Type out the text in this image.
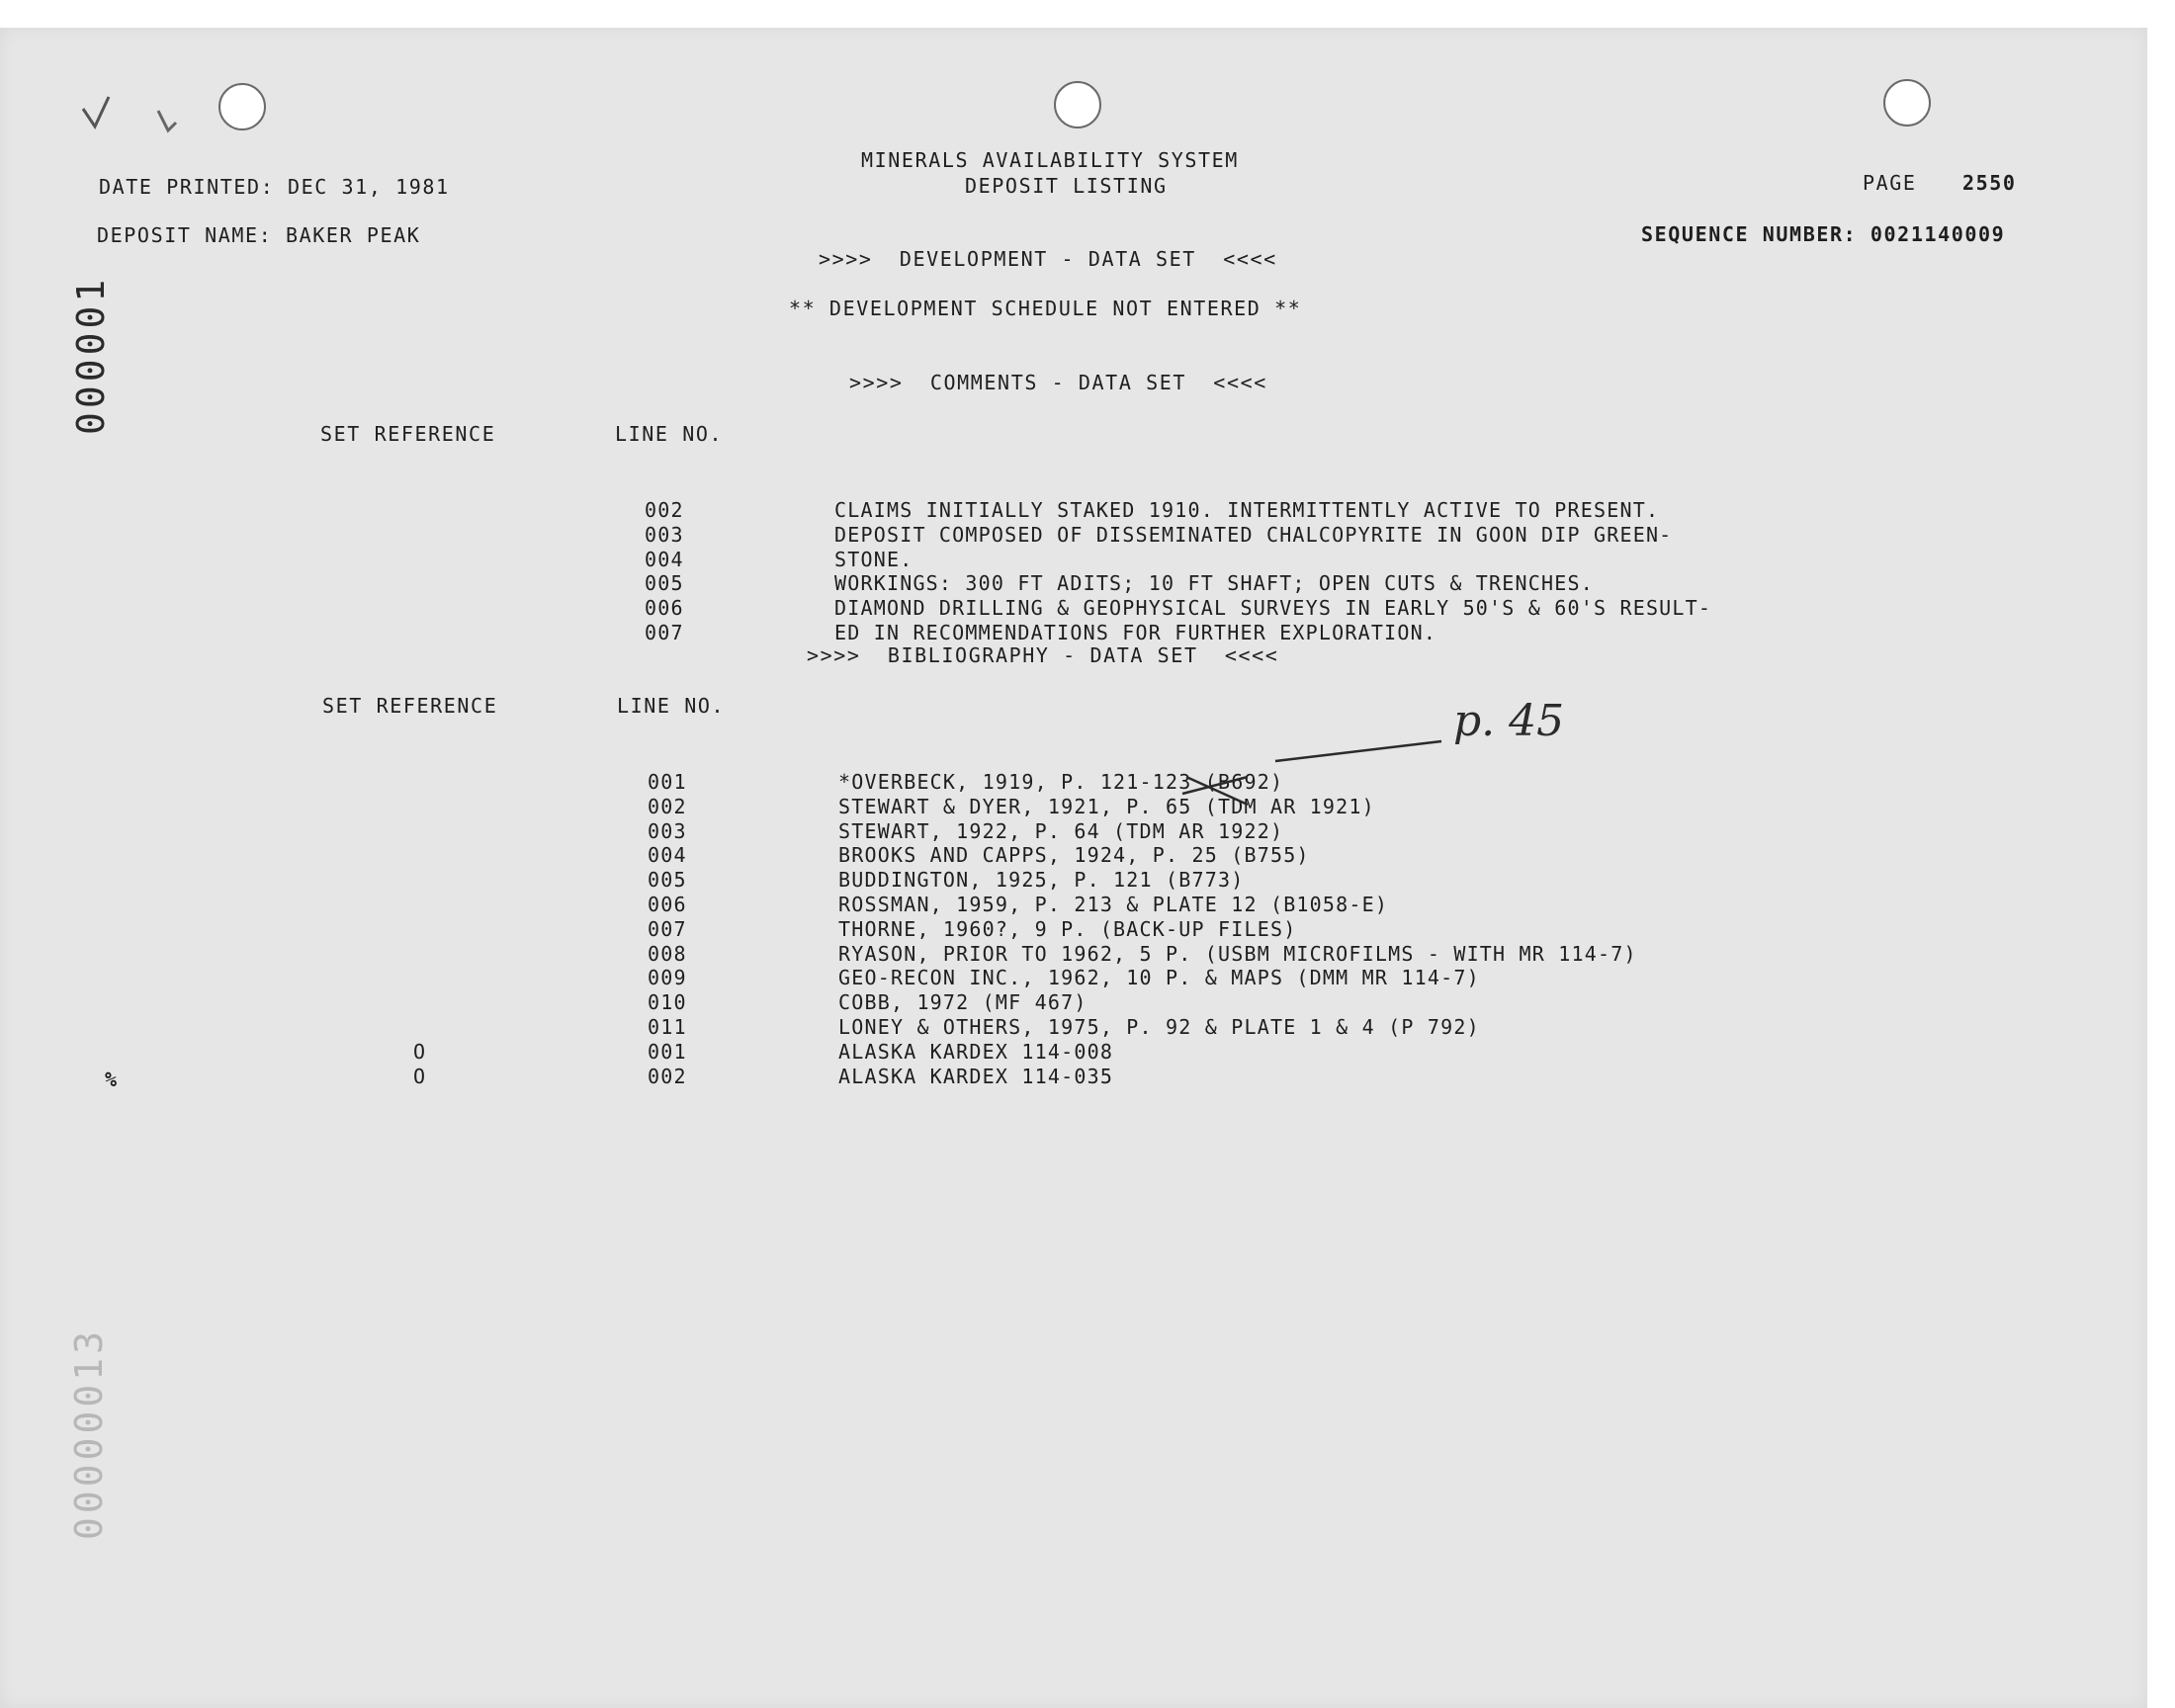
MINERALS AVAILABILITY SYSTEM
DEPOSIT LISTING
DATE PRINTED: DEC 31, 1981	PAGE 2550
DEPOSIT NAME: BAKER PEAK	SEQUENCE NUMBER: 0021140009
000001
00000013
>>>>  DEVELOPMENT - DATA SET  <<<<
** DEVELOPMENT SCHEDULE NOT ENTERED **
>>>>  COMMENTS - DATA SET  <<<<
SET REFERENCE	LINE NO.
002	CLAIMS INITIALLY STAKED 1910. INTERMITTENTLY ACTIVE TO PRESENT.
003	DEPOSIT COMPOSED OF DISSEMINATED CHALCOPYRITE IN GOON DIP GREEN-
004	STONE.
005	WORKINGS: 300 FT ADITS; 10 FT SHAFT; OPEN CUTS & TRENCHES.
006	DIAMOND DRILLING & GEOPHYSICAL SURVEYS IN EARLY 50'S & 60'S RESULT-
007	ED IN RECOMMENDATIONS FOR FURTHER EXPLORATION.
>>>>  BIBLIOGRAPHY - DATA SET  <<<<
SET REFERENCE	LINE NO.
001	*OVERBECK, 1919, P. 121-123 (B692)
002	STEWART & DYER, 1921, P. 65 (TDM AR 1921)
003	STEWART, 1922, P. 64 (TDM AR 1922)
004	BROOKS AND CAPPS, 1924, P. 25 (B755)
005	BUDDINGTON, 1925, P. 121 (B773)
006	ROSSMAN, 1959, P. 213 & PLATE 12 (B1058-E)
007	THORNE, 1960?, 9 P. (BACK-UP FILES)
008	RYASON, PRIOR TO 1962, 5 P. (USBM MICROFILMS - WITH MR 114-7)
009	GEO-RECON INC., 1962, 10 P. & MAPS (DMM MR 114-7)
010	COBB, 1972 (MF 467)
011	LONEY & OTHERS, 1975, P. 92 & PLATE 1 & 4 (P 792)
O	001	ALASKA KARDEX 114-008
O	002	ALASKA KARDEX 114-035
%
p. 45
